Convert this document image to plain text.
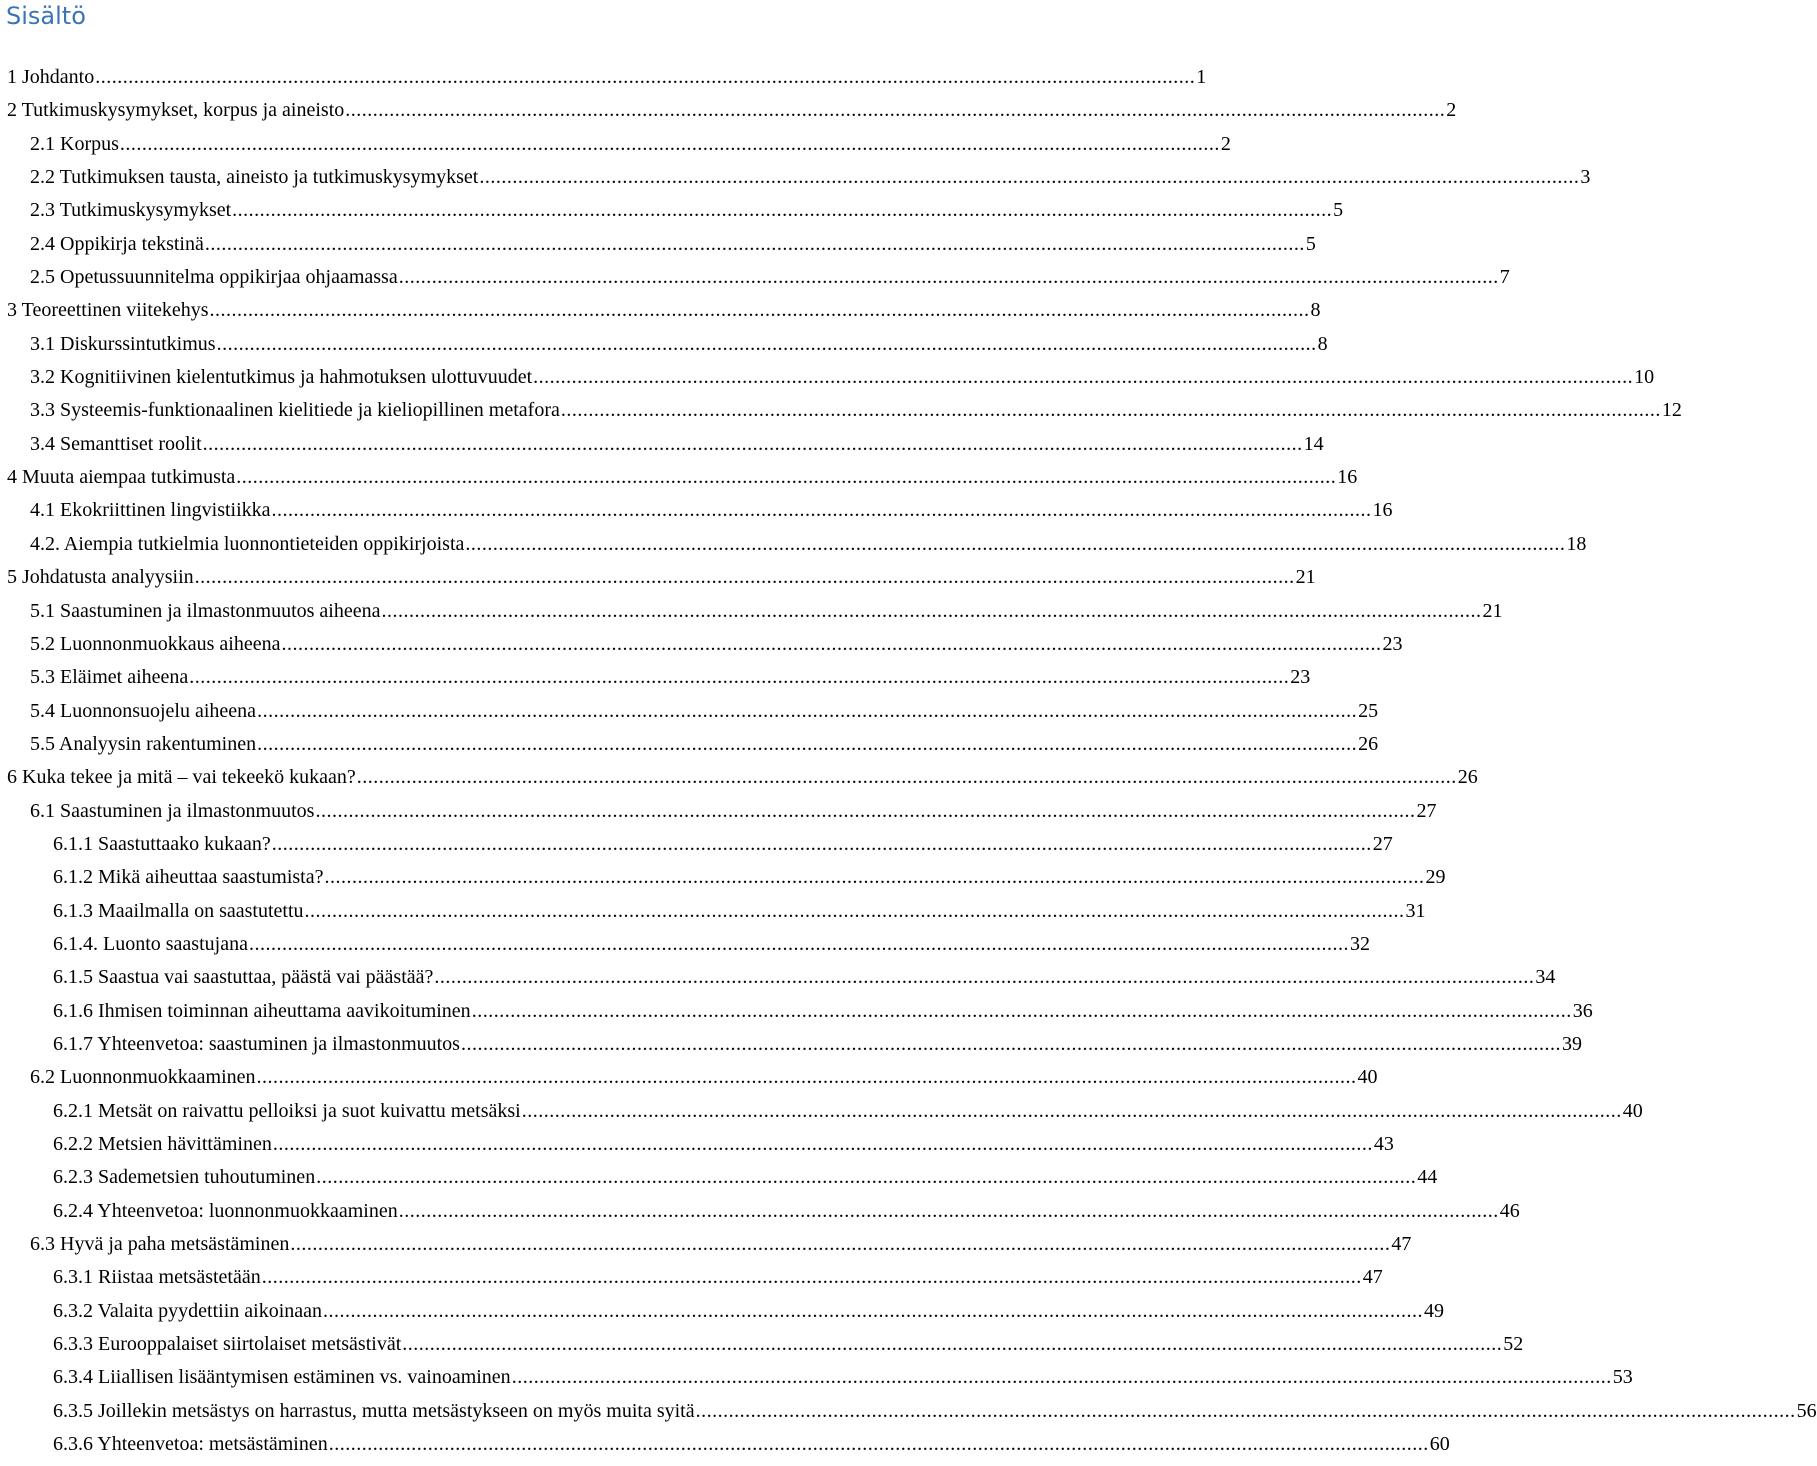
Sisältö
1 Johdanto ........................................................................................................................................................................................................ 1
2 Tutkimuskysymykset, korpus ja aineisto ........................................................................................................................................................................................................ 2
2.1 Korpus ........................................................................................................................................................................................................ 2
2.2 Tutkimuksen tausta, aineisto ja tutkimuskysymykset ........................................................................................................................................................................................................ 3
2.3 Tutkimuskysymykset ........................................................................................................................................................................................................ 5
2.4 Oppikirja tekstinä ........................................................................................................................................................................................................ 5
2.5 Opetussuunnitelma oppikirjaa ohjaamassa ........................................................................................................................................................................................................ 7
3 Teoreettinen viitekehys ........................................................................................................................................................................................................ 8
3.1 Diskurssintutkimus ........................................................................................................................................................................................................ 8
3.2 Kognitiivinen kielentutkimus ja hahmotuksen ulottuvuudet ........................................................................................................................................................................................................ 10
3.3 Systeemis-funktionaalinen kielitiede ja kieliopillinen metafora ........................................................................................................................................................................................................ 12
3.4 Semanttiset roolit ........................................................................................................................................................................................................ 14
4 Muuta aiempaa tutkimusta ........................................................................................................................................................................................................ 16
4.1 Ekokriittinen lingvistiikka ........................................................................................................................................................................................................ 16
4.2. Aiempia tutkielmia luonnontieteiden oppikirjoista ........................................................................................................................................................................................................ 18
5 Johdatusta analyysiin ........................................................................................................................................................................................................ 21
5.1 Saastuminen ja ilmastonmuutos aiheena ........................................................................................................................................................................................................ 21
5.2 Luonnonmuokkaus aiheena ........................................................................................................................................................................................................ 23
5.3 Eläimet aiheena ........................................................................................................................................................................................................ 23
5.4 Luonnonsuojelu aiheena ........................................................................................................................................................................................................ 25
5.5 Analyysin rakentuminen ........................................................................................................................................................................................................ 26
6 Kuka tekee ja mitä – vai tekeekö kukaan? ........................................................................................................................................................................................................ 26
6.1 Saastuminen ja ilmastonmuutos ........................................................................................................................................................................................................ 27
6.1.1 Saastuttaako kukaan? ........................................................................................................................................................................................................ 27
6.1.2 Mikä aiheuttaa saastumista? ........................................................................................................................................................................................................ 29
6.1.3 Maailmalla on saastutettu ........................................................................................................................................................................................................ 31
6.1.4. Luonto saastujana ........................................................................................................................................................................................................ 32
6.1.5 Saastua vai saastuttaa, päästä vai päästää? ........................................................................................................................................................................................................ 34
6.1.6 Ihmisen toiminnan aiheuttama aavikoituminen ........................................................................................................................................................................................................ 36
6.1.7 Yhteenvetoa: saastuminen ja ilmastonmuutos ........................................................................................................................................................................................................ 39
6.2 Luonnonmuokkaaminen ........................................................................................................................................................................................................ 40
6.2.1 Metsät on raivattu pelloiksi ja suot kuivattu metsäksi ........................................................................................................................................................................................................ 40
6.2.2 Metsien hävittäminen ........................................................................................................................................................................................................ 43
6.2.3 Sademetsien tuhoutuminen ........................................................................................................................................................................................................ 44
6.2.4 Yhteenvetoa: luonnonmuokkaaminen ........................................................................................................................................................................................................ 46
6.3 Hyvä ja paha metsästäminen ........................................................................................................................................................................................................ 47
6.3.1 Riistaa metsästetään ........................................................................................................................................................................................................ 47
6.3.2 Valaita pyydettiin aikoinaan ........................................................................................................................................................................................................ 49
6.3.3 Eurooppalaiset siirtolaiset metsästivät ........................................................................................................................................................................................................ 52
6.3.4 Liiallisen lisääntymisen estäminen vs. vainoaminen ........................................................................................................................................................................................................ 53
6.3.5 Joillekin metsästys on harrastus, mutta metsästykseen on myös muita syitä ........................................................................................................................................................................................................ 56
6.3.6 Yhteenvetoa: metsästäminen ........................................................................................................................................................................................................ 60
